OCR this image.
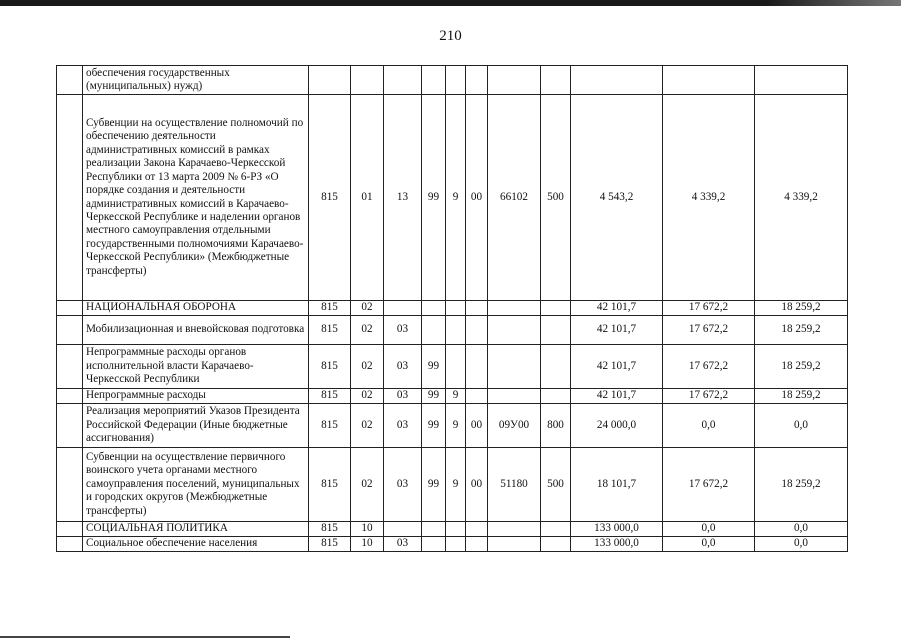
210
	обеспечения государственных (муниципальных) нужд)											
	Субвенции на осуществление полномочий по обеспечению деятельности административных комиссий в рамках реализации Закона Карачаево-Черкесской Республики от 13 марта 2009 № 6-РЗ «О порядке создания и деятельности административных комиссий в Карачаево-Черкесской Республике и наделении органов местного самоуправления отдельными государственными полномочиями Карачаево-Черкесской Республики» (Межбюджетные трансферты)	815	01	13	99	9	00	66102	500	4 543,2	4 339,2	4 339,2
	НАЦИОНАЛЬНАЯ ОБОРОНА	815	02							42 101,7	17 672,2	18 259,2
	Мобилизационная и вневойсковая подготовка	815	02	03						42 101,7	17 672,2	18 259,2
	Непрограммные расходы органов исполнительной власти Карачаево-Черкесской Республики	815	02	03	99					42 101,7	17 672,2	18 259,2
	Непрограммные расходы	815	02	03	99	9				42 101,7	17 672,2	18 259,2
	Реализация мероприятий Указов Президента Российской Федерации (Иные бюджетные ассигнования)	815	02	03	99	9	00	09У00	800	24 000,0	0,0	0,0
	Субвенции на осуществление первичного воинского учета органами местного самоуправления поселений, муниципальных и городских округов (Межбюджетные трансферты)	815	02	03	99	9	00	51180	500	18 101,7	17 672,2	18 259,2
	СОЦИАЛЬНАЯ ПОЛИТИКА	815	10							133 000,0	0,0	0,0
	Социальное обеспечение населения	815	10	03						133 000,0	0,0	0,0
